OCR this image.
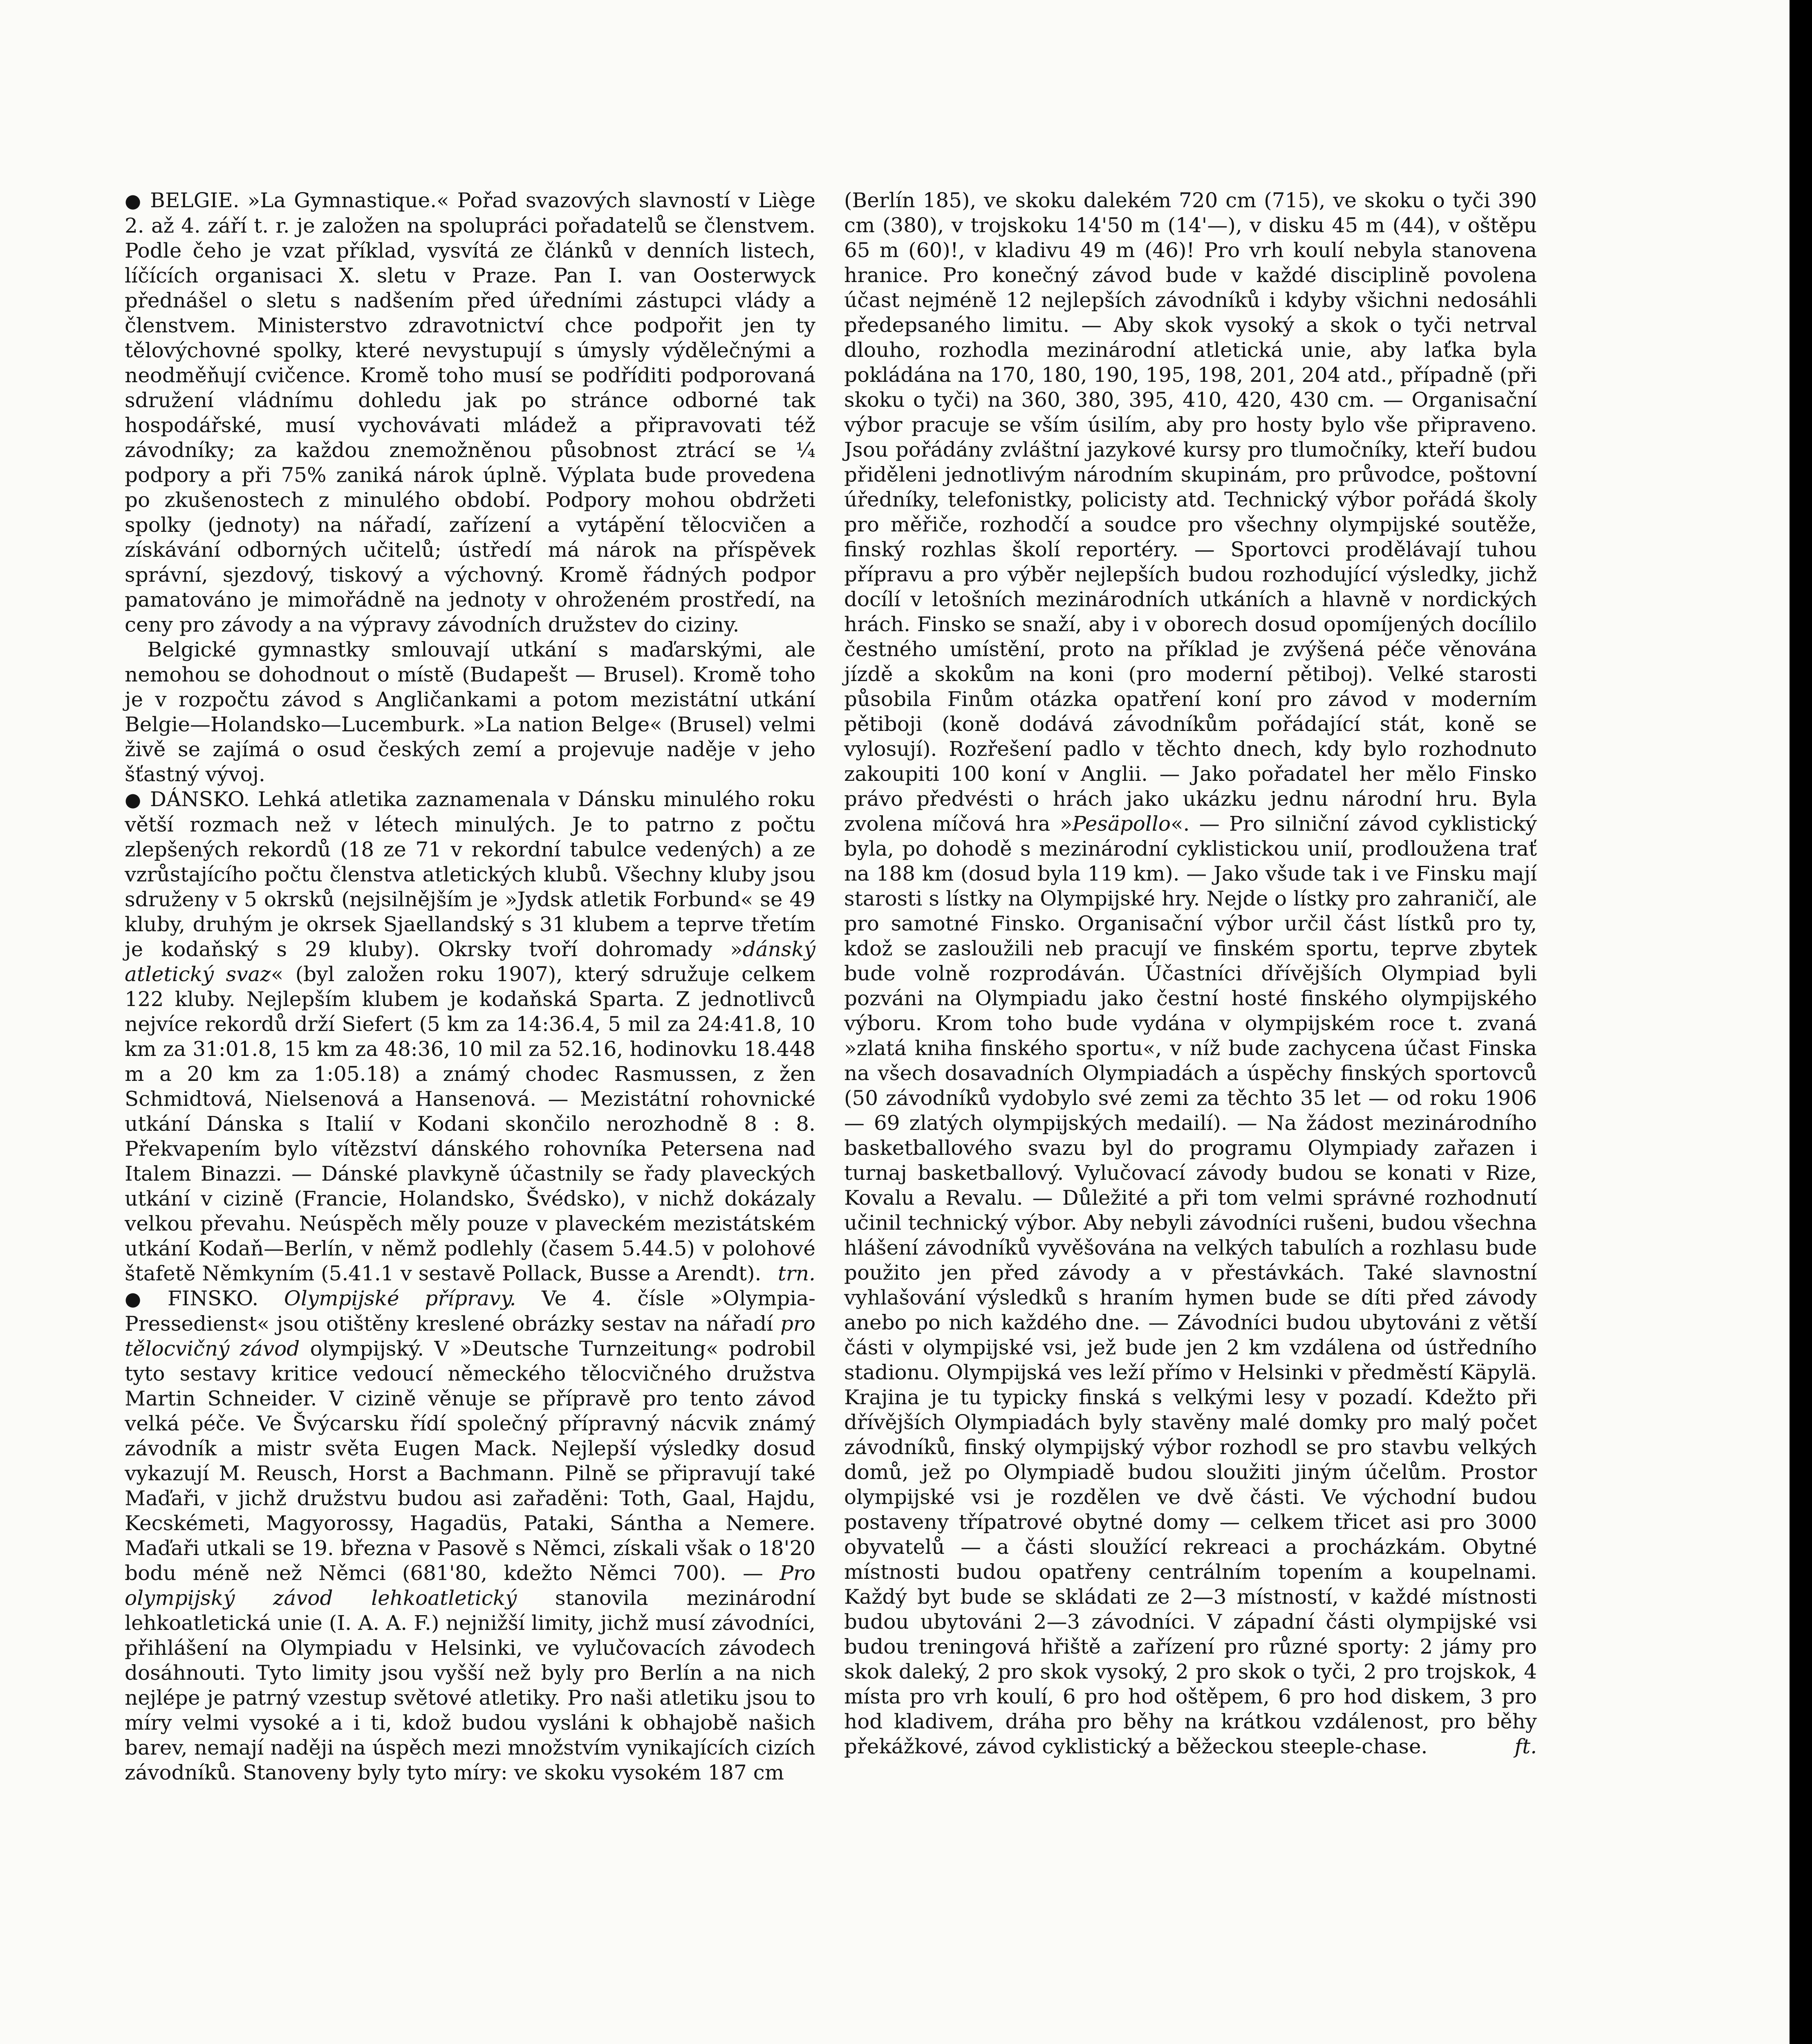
● BELGIE. »La Gymnastique.« Pořad svazových slavností v Liège 2. až 4. září t. r. je založen na spolupráci pořadatelů se členstvem. Podle čeho je vzat příklad, vysvítá ze článků v denních listech, líčících organisaci X. sletu v Praze. Pan I. van Oosterwyck přednášel o sletu s nadšením před úředními zástupci vlády a členstvem. Ministerstvo zdravotnictví chce podpořit jen ty tělovýchovné spolky, které nevystupují s úmysly výdělečnými a neodměňují cvičence. Kromě toho musí se podříditi podporovaná sdružení vládnímu dohledu jak po stránce odborné tak hospodářské, musí vychovávati mládež a připravovati též závodníky; za každou znemožněnou působnost ztrácí se ¼ podpory a při 75% zaniká nárok úplně. Výplata bude provedena po zkušenostech z minulého období. Podpory mohou obdržeti spolky (jednoty) na nářadí, zařízení a vytápění tělocvičen a získávání odborných učitelů; ústředí má nárok na příspěvek správní, sjezdový, tiskový a výchovný. Kromě řádných podpor pamatováno je mimořádně na jednoty v ohroženém prostředí, na ceny pro závody a na výpravy závodních družstev do ciziny.

Belgické gymnastky smlouvají utkání s maďarskými, ale nemohou se dohodnout o místě (Budapešt — Brusel). Kromě toho je v rozpočtu závod s Angličankami a potom mezistátní utkání Belgie—Holandsko—Lucemburk. »La nation Belge« (Brusel) velmi živě se zajímá o osud českých zemí a projevuje naděje v jeho šťastný vývoj.

● DÁNSKO. Lehká atletika zaznamenala v Dánsku minulého roku větší rozmach než v létech minulých. Je to patrno z počtu zlepšených rekordů (18 ze 71 v rekordní tabulce vedených) a ze vzrůstajícího počtu členstva atletických klubů. Všechny kluby jsou sdruženy v 5 okrsků (nejsilnějším je »Jydsk atletik Forbund« se 49 kluby, druhým je okrsek Sjaellandský s 31 klubem a teprve třetím je kodaňský s 29 kluby). Okrsky tvoří dohromady »dánský atletický svaz« (byl založen roku 1907), který sdružuje celkem 122 kluby. Nejlepším klubem je kodaňská Sparta. Z jednotlivců nejvíce rekordů drží Siefert (5 km za 14:36.4, 5 mil za 24:41.8, 10 km za 31:01.8, 15 km za 48:36, 10 mil za 52.16, hodinovku 18.448 m a 20 km za 1:05.18) a známý chodec Rasmussen, z žen Schmidtová, Nielsenová a Hansenová. — Mezistátní rohovnické utkání Dánska s Italií v Kodani skončilo nerozhodně 8 : 8. Překvapením bylo vítězství dánského rohovníka Petersena nad Italem Binazzi. — Dánské plavkyně účastnily se řady plaveckých utkání v cizině (Francie, Holandsko, Švédsko), v nichž dokázaly velkou převahu. Neúspěch měly pouze v plaveckém mezistátském utkání Kodaň—Berlín, v němž podlehly (časem 5.44.5) v polohové štafetě Němkyním (5.41.1 v sestavě Pollack, Busse a Arendt). trn.

● FINSKO. Olympijské přípravy. Ve 4. čísle »Olympia-Pressedienst« jsou otištěny kreslené obrázky sestav na nářadí pro tělocvičný závod olympijský. V »Deutsche Turnzeitung« podrobil tyto sestavy kritice vedoucí německého tělocvičného družstva Martin Schneider. V cizině věnuje se přípravě pro tento závod velká péče. Ve Švýcarsku řídí společný přípravný nácvik známý závodník a mistr světa Eugen Mack. Nejlepší výsledky dosud vykazují M. Reusch, Horst a Bachmann. Pilně se připravují také Maďaři, v jichž družstvu budou asi zařaděni: Toth, Gaal, Hajdu, Kecskémeti, Magyorossy, Hagadüs, Pataki, Sántha a Nemere. Maďaři utkali se 19. března v Pasově s Němci, získali však o 18'20 bodu méně než Němci (681'80, kdežto Němci 700). — Pro olympijský závod lehkoatletický stanovila mezinárodní lehkoatletická unie (I. A. A. F.) nejnižší limity, jichž musí závodníci, přihlášení na Olympiadu v Helsinki, ve vylučovacích závodech dosáhnouti. Tyto limity jsou vyšší než byly pro Berlín a na nich nejlépe je patrný vzestup světové atletiky. Pro naši atletiku jsou to míry velmi vysoké a i ti, kdož budou vysláni k obhajobě našich barev, nemají naději na úspěch mezi množstvím vynikajících cizích závodníků. Stanoveny byly tyto míry: ve skoku vysokém 187 cm

(Berlín 185), ve skoku dalekém 720 cm (715), ve skoku o tyči 390 cm (380), v trojskoku 14'50 m (14'—), v disku 45 m (44), v oštěpu 65 m (60)!, v kladivu 49 m (46)! Pro vrh koulí nebyla stanovena hranice. Pro konečný závod bude v každé disciplině povolena účast nejméně 12 nejlepších závodníků i kdyby všichni nedosáhli předepsaného limitu. — Aby skok vysoký a skok o tyči netrval dlouho, rozhodla mezinárodní atletická unie, aby laťka byla pokládána na 170, 180, 190, 195, 198, 201, 204 atd., případně (při skoku o tyči) na 360, 380, 395, 410, 420, 430 cm. — Organisační výbor pracuje se vším úsilím, aby pro hosty bylo vše připraveno. Jsou pořádány zvláštní jazykové kursy pro tlumočníky, kteří budou přiděleni jednotlivým národním skupinám, pro průvodce, poštovní úředníky, telefonistky, policisty atd. Technický výbor pořádá školy pro měřiče, rozhodčí a soudce pro všechny olympijské soutěže, finský rozhlas školí reportéry. — Sportovci prodělávají tuhou přípravu a pro výběr nejlepších budou rozhodující výsledky, jichž docílí v letošních mezinárodních utkáních a hlavně v nordických hrách. Finsko se snaží, aby i v oborech dosud opomíjených docílilo čestného umístění, proto na příklad je zvýšená péče věnována jízdě a skokům na koni (pro moderní pětiboj). Velké starosti působila Finům otázka opatření koní pro závod v moderním pětiboji (koně dodává závodníkům pořádající stát, koně se vylosují). Rozřešení padlo v těchto dnech, kdy bylo rozhodnuto zakoupiti 100 koní v Anglii. — Jako pořadatel her mělo Finsko právo předvésti o hrách jako ukázku jednu národní hru. Byla zvolena míčová hra »Pesäpollo«. — Pro silniční závod cyklistický byla, po dohodě s mezinárodní cyklistickou unií, prodloužena trať na 188 km (dosud byla 119 km). — Jako všude tak i ve Finsku mají starosti s lístky na Olympijské hry. Nejde o lístky pro zahraničí, ale pro samotné Finsko. Organisační výbor určil část lístků pro ty, kdož se zasloužili neb pracují ve finském sportu, teprve zbytek bude volně rozprodáván. Účastníci dřívějších Olympiad byli pozváni na Olympiadu jako čestní hosté finského olympijského výboru. Krom toho bude vydána v olympijském roce t. zvaná »zlatá kniha finského sportu«, v níž bude zachycena účast Finska na všech dosavadních Olympiadách a úspěchy finských sportovců (50 závodníků vydobylo své zemi za těchto 35 let — od roku 1906 — 69 zlatých olympijských medailí). — Na žádost mezinárodního basketballového svazu byl do programu Olympiady zařazen i turnaj basketballový. Vylučovací závody budou se konati v Rize, Kovalu a Revalu. — Důležité a při tom velmi správné rozhodnutí učinil technický výbor. Aby nebyli závodníci rušeni, budou všechna hlášení závodníků vyvěšována na velkých tabulích a rozhlasu bude použito jen před závody a v přestávkách. Také slavnostní vyhlašování výsledků s hraním hymen bude se díti před závody anebo po nich každého dne. — Závodníci budou ubytováni z větší části v olympijské vsi, jež bude jen 2 km vzdálena od ústředního stadionu. Olympijská ves leží přímo v Helsinki v předměstí Käpylä. Krajina je tu typicky finská s velkými lesy v pozadí. Kdežto při dřívějších Olympiadách byly stavěny malé domky pro malý počet závodníků, finský olympijský výbor rozhodl se pro stavbu velkých domů, jež po Olympiadě budou sloužiti jiným účelům. Prostor olympijské vsi je rozdělen ve dvě části. Ve východní budou postaveny třípatrové obytné domy — celkem třicet asi pro 3000 obyvatelů — a části sloužící rekreaci a procházkám. Obytné místnosti budou opatřeny centrálním topením a koupelnami. Každý byt bude se skládati ze 2—3 místností, v každé místnosti budou ubytováni 2—3 závodníci. V západní části olympijské vsi budou treningová hřiště a zařízení pro různé sporty: 2 jámy pro skok daleký, 2 pro skok vysoký, 2 pro skok o tyči, 2 pro trojskok, 4 místa pro vrh koulí, 6 pro hod oštěpem, 6 pro hod diskem, 3 pro hod kladivem, dráha pro běhy na krátkou vzdálenost, pro běhy překážkové, závod cyklistický a běžeckou steeple-chase.	ft.
